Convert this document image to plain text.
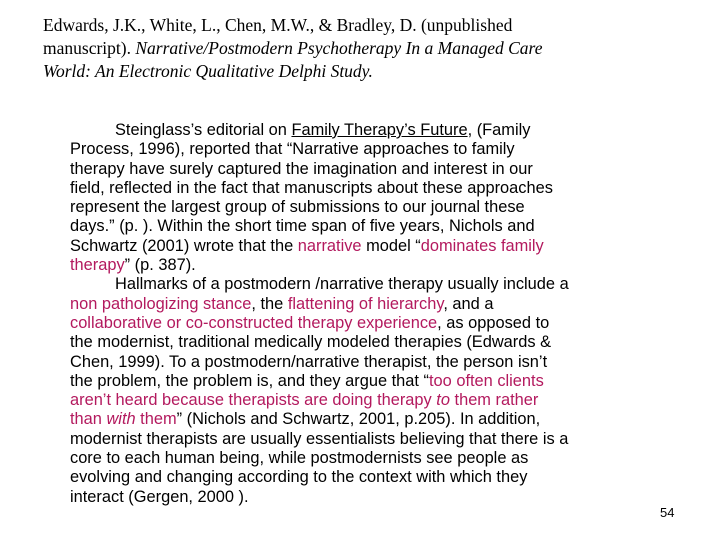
Edwards, J.K., White, L., Chen, M.W., & Bradley, D. (unpublished
manuscript). Narrative/Postmodern Psychotherapy In a Managed Care
World: An Electronic Qualitative Delphi Study.
Steinglass’s editorial on Family Therapy’s Future, (Family
Process, 1996), reported that “Narrative approaches to family
therapy have surely captured the imagination and interest in our
field, reflected in the fact that manuscripts about these approaches
represent the largest group of submissions to our journal these
days.” (p. ). Within the short time span of five years, Nichols and
Schwartz (2001) wrote that the narrative model “dominates family
therapy” (p. 387).
Hallmarks of a postmodern /narrative therapy usually include a
non pathologizing stance, the flattening of hierarchy, and a
collaborative or co-constructed therapy experience, as opposed to
the modernist, traditional medically modeled therapies (Edwards &
Chen, 1999). To a postmodern/narrative therapist, the person isn’t
the problem, the problem is, and they argue that “too often clients
aren’t heard because therapists are doing therapy to them rather
than with them” (Nichols and Schwartz, 2001, p.205). In addition,
modernist therapists are usually essentialists believing that there is a
core to each human being, while postmodernists see people as
evolving and changing according to the context with which they
interact (Gergen, 2000 ).
54
